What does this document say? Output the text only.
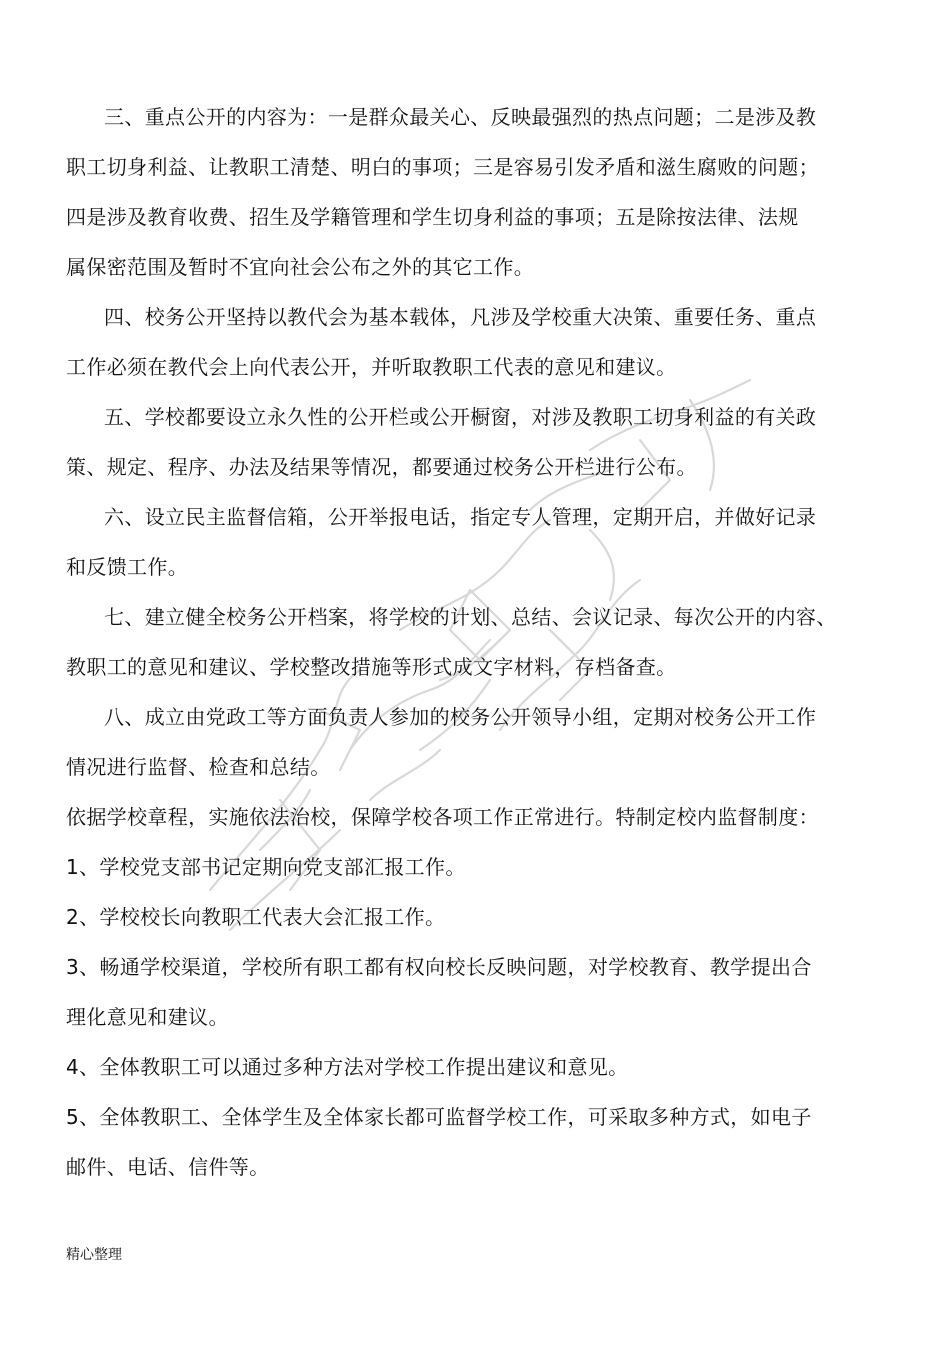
三、重点公开的内容为：一是群众最关心、反映最强烈的热点问题；二是涉及教
职工切身利益、让教职工清楚、明白的事项；三是容易引发矛盾和滋生腐败的问题；
四是涉及教育收费、招生及学籍管理和学生切身利益的事项；五是除按法律、法规
属保密范围及暂时不宜向社会公布之外的其它工作。
四、校务公开坚持以教代会为基本载体，凡涉及学校重大决策、重要任务、重点
工作必须在教代会上向代表公开，并听取教职工代表的意见和建议。
五、学校都要设立永久性的公开栏或公开橱窗，对涉及教职工切身利益的有关政
策、规定、程序、办法及结果等情况，都要通过校务公开栏进行公布。
六、设立民主监督信箱，公开举报电话，指定专人管理，定期开启，并做好记录
和反馈工作。
七、建立健全校务公开档案，将学校的计划、总结、会议记录、每次公开的内容、
教职工的意见和建议、学校整改措施等形式成文字材料，存档备查。
八、成立由党政工等方面负责人参加的校务公开领导小组，定期对校务公开工作
情况进行监督、检查和总结。
依据学校章程，实施依法治校，保障学校各项工作正常进行。特制定校内监督制度：
1、学校党支部书记定期向党支部汇报工作。
2、学校校长向教职工代表大会汇报工作。
3、畅通学校渠道，学校所有职工都有权向校长反映问题，对学校教育、教学提出合
理化意见和建议。
4、全体教职工可以通过多种方法对学校工作提出建议和意见。
5、全体教职工、全体学生及全体家长都可监督学校工作，可采取多种方式，如电子
邮件、电话、信件等。
精心整理
